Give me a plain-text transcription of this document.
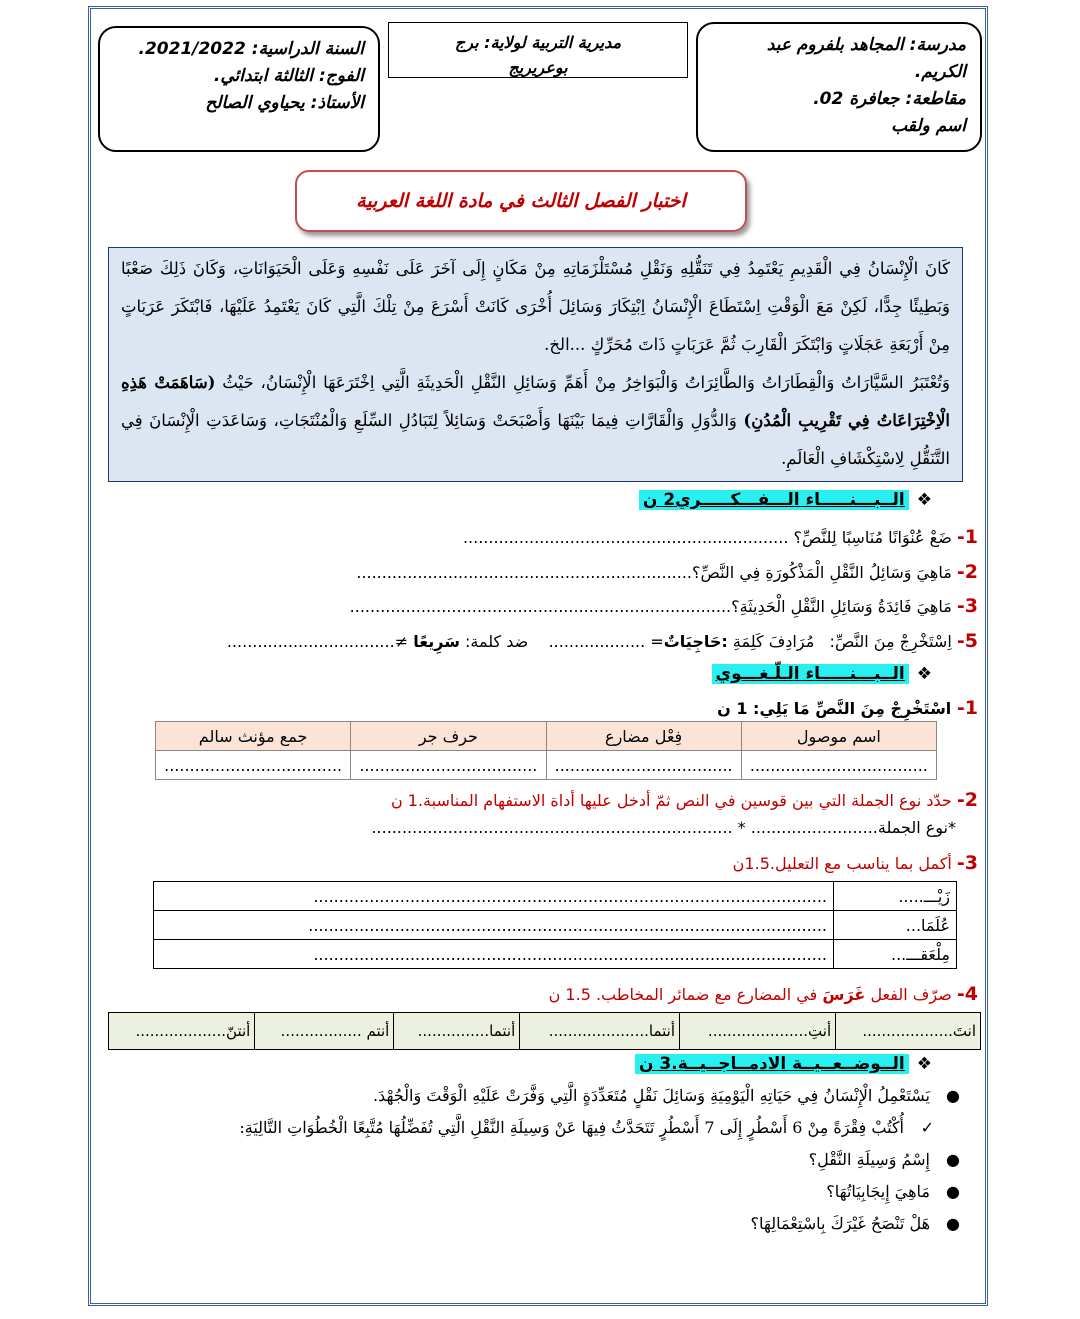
مدرسة: المجاهد بلفروم عبد
الكريم.
مقاطعة: جعافرة 02.
اسم ولقب
مديرية التربية لولاية: برج
بوعريريج
السنة الدراسية: 2021/2022.
الفوج: الثالثة ابتدائي.
الأستاذ: يحياوي الصالح
اختبار الفصل الثالث في مادة اللغة العربية

كَانَ الْإِنْسَانُ فِي الْقَدِيمِ يَعْتَمِدُ فِي تَنَقُّلِهِ وَنَقْلِ مُسْتَلْزَمَاتِهِ مِنْ مَكَانٍ إِلَى آخَرَ عَلَى نَفْسِهِ وَعَلَى الْحَيَوَانَاتِ، وَكَانَ ذَلِكَ صَعْبًا وَبَطِيئًا جِدًّا، لَكِنْ مَعَ الْوَقْتِ اِسْتَطَاعَ الْإِنْسَانُ اِبْتِكَارَ وَسَائِلَ أُخْرَى كَانَتْ أَسْرَعَ مِنْ تِلْكَ الَّتِي كَانَ يَعْتَمِدُ عَلَيْهَا، فَابْتَكَرَ عَرَبَاتٍ مِنْ أَرْبَعَةِ عَجَلَاتٍ وَابْتَكَرَ الْقَارِبَ ثُمَّ عَرَبَاتٍ ذَاتَ مُحَرِّكٍ ...الخ.

وَتُعْتَبَرُ السَّيَّارَاتُ وَالْقِطَارَاتُ وَالطَّائِرَاتُ وَالْبَوَاخِرُ مِنْ أَهَمِّ وَسَائِلِ النَّقْلِ الْحَدِيثَةِ الَّتِي اِخْتَرَعَهَا الْإِنْسَانُ، حَيْثُ (سَاهَمَتْ هَذِهِ الْاِخْتِرَاعَاتُ فِي تَقْرِيبِ الْمُدُنِ) وَالدُّوَلِ وَالْقَارَّاتِ فِيمَا بَيْنَهَا وَأَصْبَحَتْ وَسَائِلاً لِتَبَادُلِ السِّلَعِ وَالْمُنْتَجَاتِ، وَسَاعَدَتِ الْإِنْسَانَ فِي التَّنَقُّلِ لِاسْتِكْشَافِ الْعَالَمِ.

❖الــبـــنـــــاء الـــفـــكـــــري2 ن
1- ضَعْ عُنْوَانًا مُنَاسِبًا لِلنَّصِّ؟ ................................................................
2- مَاهِيَ وَسَائِلُ النَّقْلِ الْمَذْكُورَةِ فِي النَّصِّ؟..................................................................
3- مَاهِيَ فَائِدَةُ وَسَائِلِ النَّقْلِ الْحَدِيثَةِ؟...........................................................................
5- اِسْتَخْرِجْ مِنَ النَّصِّ:   مُرَادِفَ كَلِمَةِ :حَاجِيَاتٌ= ...................    ضد كلمة: سَرِيعًا ≠.................................
❖الــبـــنـــــاء الـلّـغـــوي
1- اسْتَخْرِجْ مِنَ النَّصِّ مَا يَلِي: 1 ن
اسم موصول	فِعْل مضارع	حرف جر	جمع مؤنث سالم
...................................	...................................	...................................	...................................
2- حدّد نوع الجملة التي بين قوسين في النص ثمّ أدخل عليها أداة الاستفهام المناسبة.1 ن
*نوع الجملة......................... * .......................................................................
3- أكمل بما يناسب مع التعليل.1.5ن
زَيْـــ.....	.....................................................................................................
عُلَمَا...	......................................................................................................
مِلْعَقـــ...	.....................................................................................................
4- صرّف الفعل غَرَسَ في المضارع مع ضمائر المخاطب. 1.5 ن
انتَ...................	أنتِ.....................	أنتما.....................	أنتما...............	أنتم .................	أنتنّ...................
❖الــوضــعــيــة الادمــاجــيــة.3 ن
●
يَسْتَعْمِلُ الْإِنْسَانُ فِي حَيَاتِهِ الْيَوْمِيَةِ وَسَائِلَ نَقْلٍ مُتَعَدِّدَةٍ الَّتِي وَفَّرَتْ عَلَيْهِ الْوَقْتَ وَالْجُهْدَ.
✓
أُكْتُبْ فِقْرَةً مِنْ 6 أَسْطُرٍ إِلَى 7 أَسْطُرٍ تَتَحَدَّثُ فِيهَا عَنْ وَسِيلَةِ النَّقْلِ الَّتِي تُفَضِّلُهَا مُتَّبِعًا الْخُطُوَاتِ التَّالِيَةِ:
●
إِسْمُ وَسِيلَةِ النَّقْلِ؟
●
مَاهِيَ إِيجَابِيَاتُهَا؟
●
هَلْ تَنْصَحُ غَيْرَكَ بِاسْتِعْمَالِهَا؟
